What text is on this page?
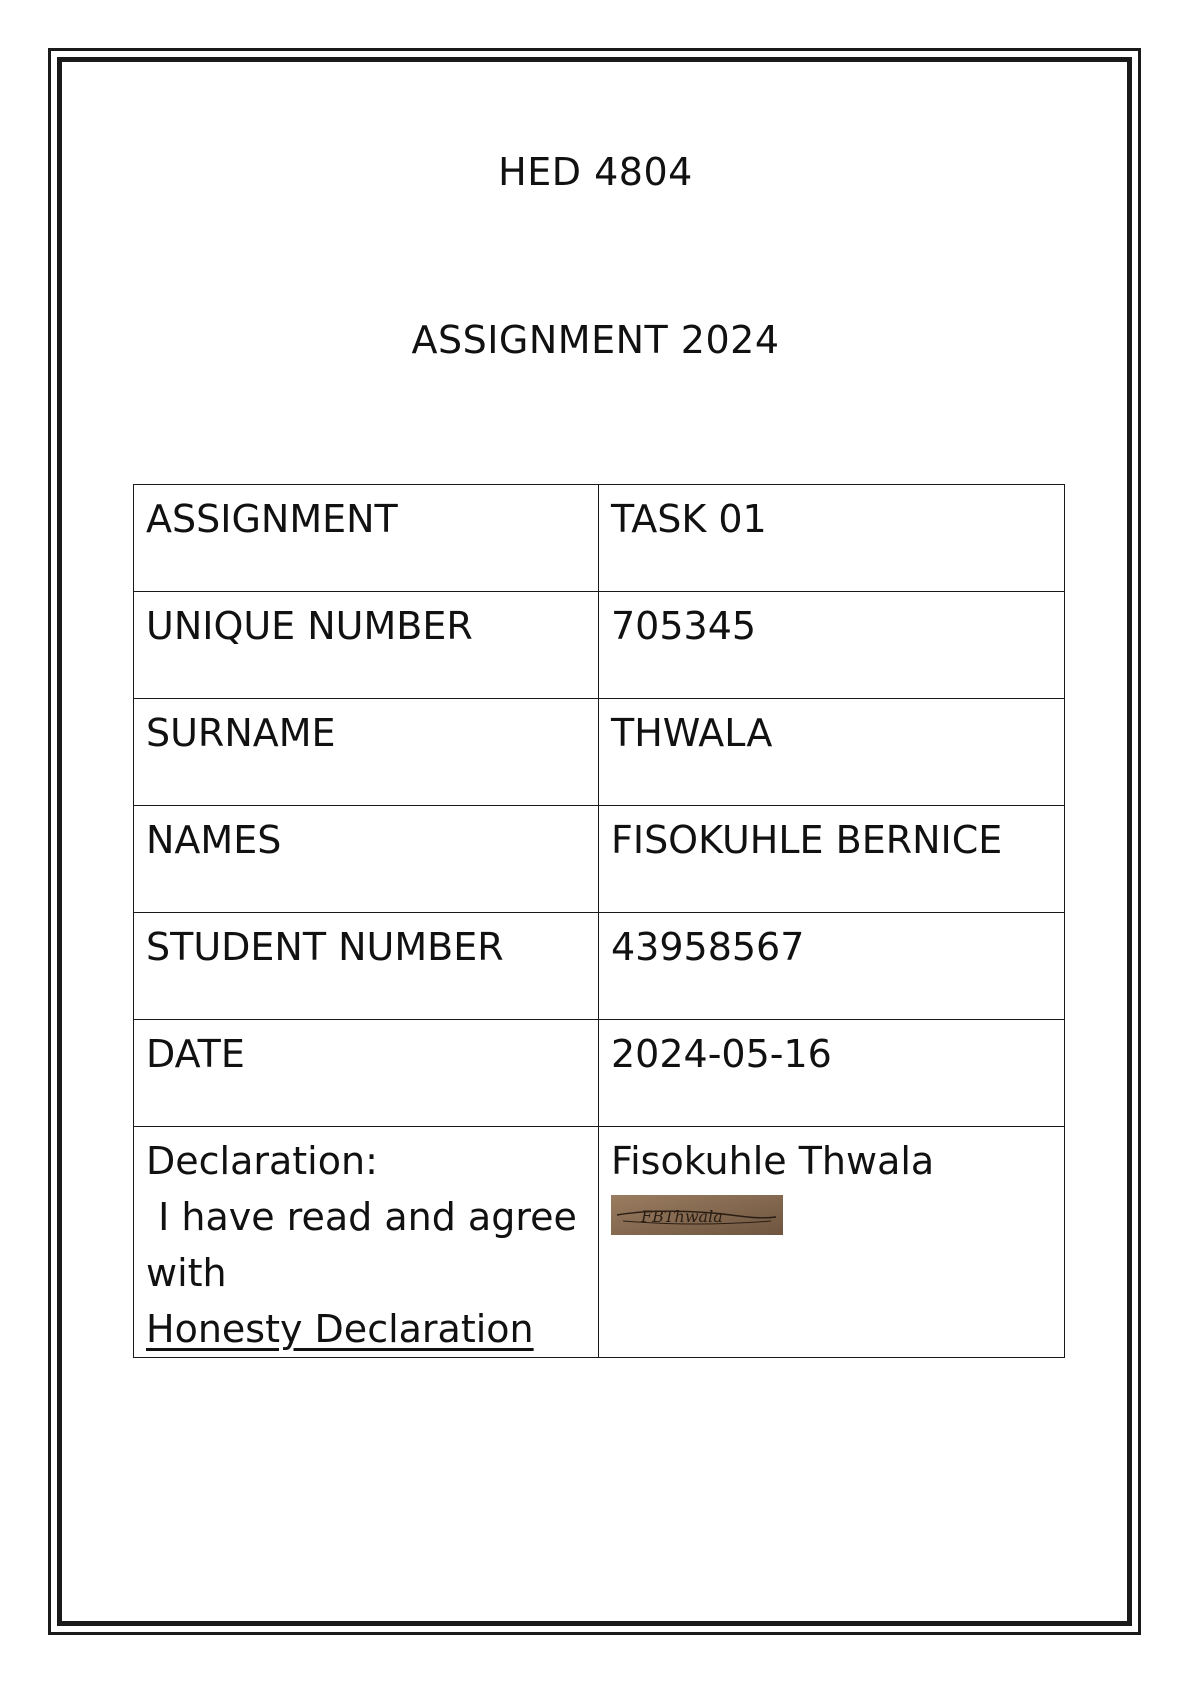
HED 4804
ASSIGNMENT 2024
ASSIGNMENT	TASK 01
UNIQUE NUMBER	705345
SURNAME	THWALA
NAMES	FISOKUHLE BERNICE
STUDENT NUMBER	43958567
DATE	2024-05-16

Declaration:
I have read and agree
with
Honesty Declaration	Fisokuhle Thwala
FBThwala
